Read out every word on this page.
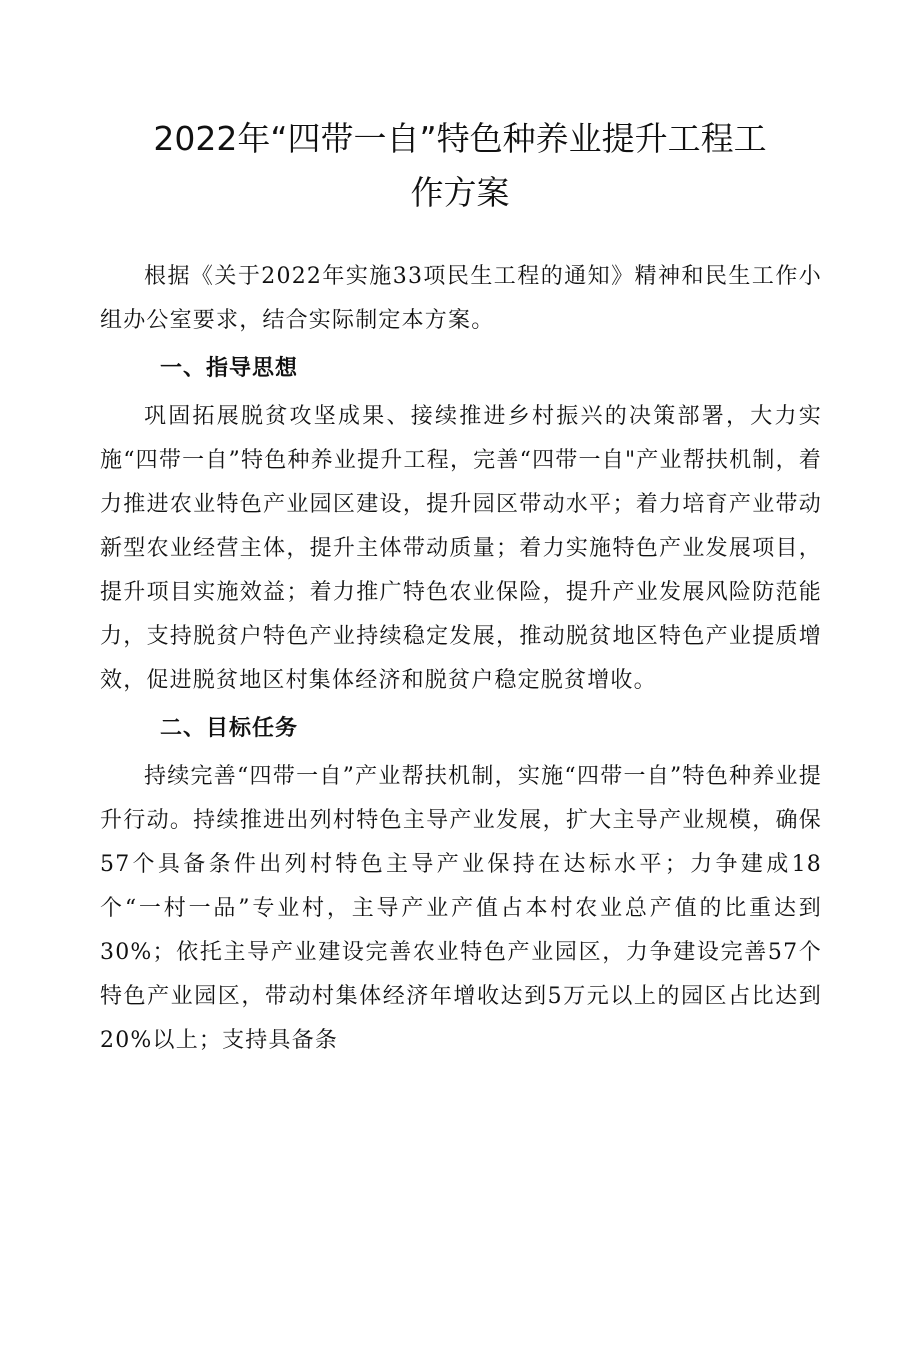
2022年“四带一自”特色种养业提升工程工
作方案

根据《关于2022年实施33项民生工程的通知》精神和民生工作小组办公室要求，结合实际制定本方案。

一、指导思想

巩固拓展脱贫攻坚成果、接续推进乡村振兴的决策部署，大力实施“四带一自”特色种养业提升工程，完善“四带一自"产业帮扶机制，着力推进农业特色产业园区建设，提升园区带动水平；着力培育产业带动新型农业经营主体，提升主体带动质量；着力实施特色产业发展项目，提升项目实施效益；着力推广特色农业保险，提升产业发展风险防范能力，支持脱贫户特色产业持续稳定发展，推动脱贫地区特色产业提质增效，促进脱贫地区村集体经济和脱贫户稳定脱贫增收。

二、目标任务

持续完善“四带一自”产业帮扶机制，实施“四带一自”特色种养业提升行动。持续推进出列村特色主导产业发展，扩大主导产业规模，确保57个具备条件出列村特色主导产业保持在达标水平；力争建成18个“一村一品”专业村，主导产业产值占本村农业总产值的比重达到30%；依托主导产业建设完善农业特色产业园区，力争建设完善57个特色产业园区，带动村集体经济年增收达到5万元以上的园区占比达到20%以上；支持具备条
